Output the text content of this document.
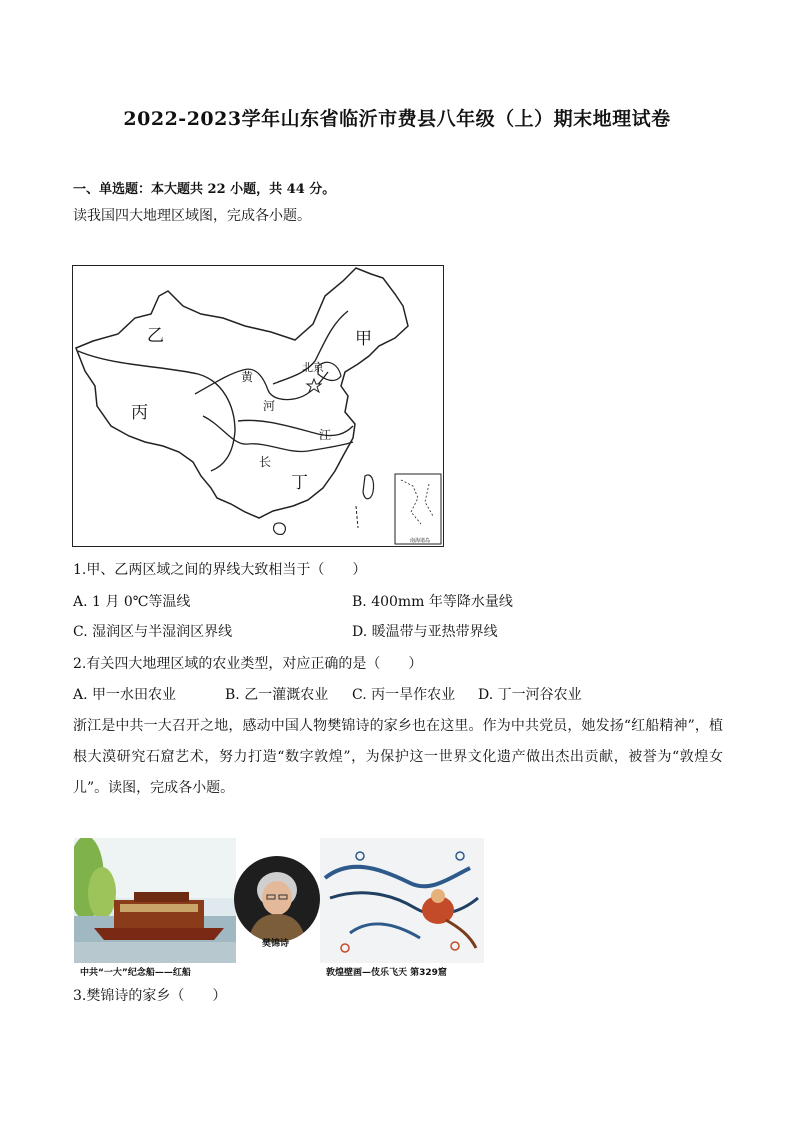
2022-2023学年山东省临沂市费县八年级（上）期末地理试卷
一、单选题：本大题共 22 小题，共 44 分。
读我国四大地理区域图，完成各小题。
甲
乙
丙
丁
北京
黄
河
长
江
南海诸岛
1.甲、乙两区域之间的界线大致相当于（　　）
A. 1 月 0℃等温线	B. 400mm 年等降水量线
C. 湿润区与半湿润区界线	D. 暖温带与亚热带界线
2.有关四大地理区域的农业类型，对应正确的是（　　）
A. 甲一水田农业	B. 乙一灌溉农业 C. 丙一旱作农业 D. 丁一河谷农业
浙江是中共一大召开之地，感动中国人物樊锦诗的家乡也在这里。作为中共党员，她发扬“红船精神”，植根大漠研究石窟艺术，努力打造“数字敦煌”，为保护这一世界文化遗产做出杰出贡献，被誉为“敦煌女儿”。读图，完成各小题。
中共“一大”纪念船——红船
樊锦诗
敦煌壁画—伎乐飞天 第329窟
3.樊锦诗的家乡（　　）
